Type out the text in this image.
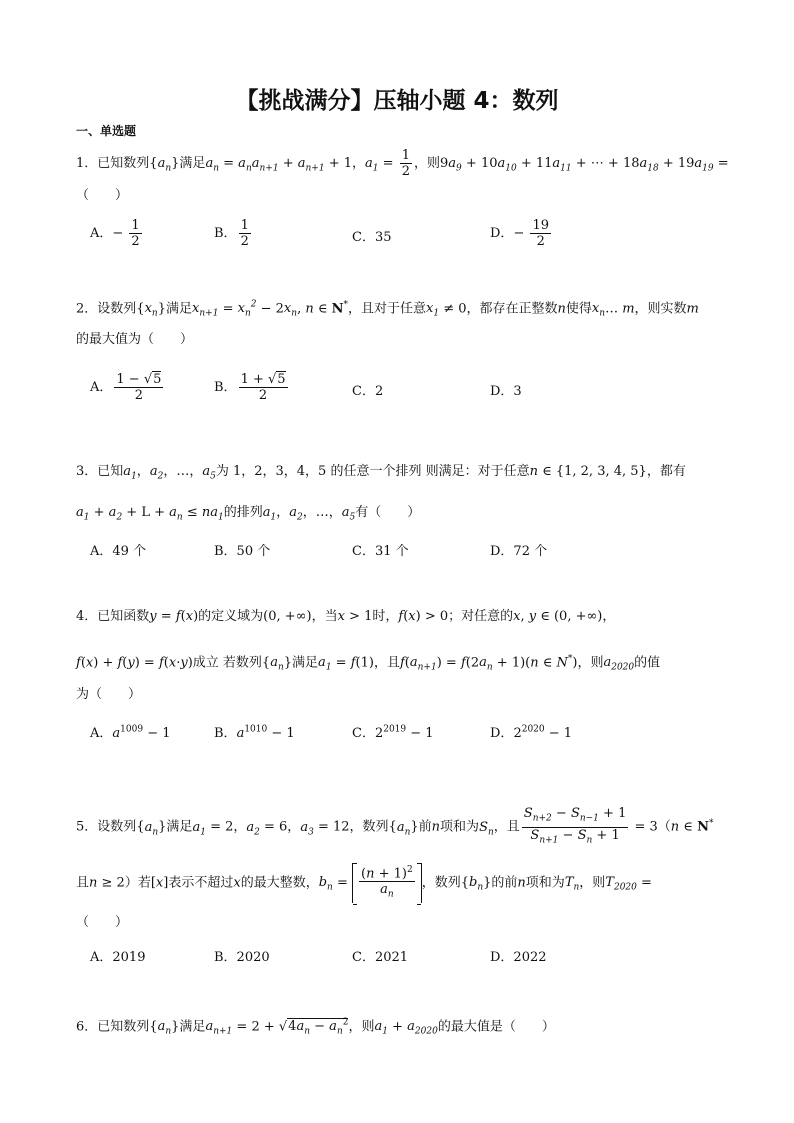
【挑战满分】压轴小题 4：数列
一、单选题
1．已知数列$\{a_n\}$满足$a_n = a_na_{n+1} + a_{n+1} + 1$，$a_1 = \frac{1}{2}$ ，则$9a_9 + 10a_{10} + 11a_{11}$ + ⋯ + $18a_{18} + 19a_{19}$ =
（　　）
A．− $\frac{1}{2}$	B． $\frac{1}{2}$	C．35	D．− $\frac{19}{2}$
2．设数列$\{x_n\}$满足$x_{n+1} = x_n^2 - 2x_n$, n ∈ N*，且对于任意$x_1 \ne 0$，都存在正整数n使得$x_n\dots$ m，则实数m
的最大值为（　　）
A． $\frac{1 - √5}{2}$	B． $\frac{1 + √5}{2}$	C．2	D．3
3．已知$a_1$，$a_2$，…，$a_5$为 1，2，3，4，5 的任意一个排列 则满足：对于任意n ∈ {1, 2, 3, 4, 5}，都有
$a_1 + a_2 + L + a_n \le na_1$的排列$a_1$，$a_2$，…，$a_5$有（　　）
A．49 个	B．50 个	C．31 个	D．72 个
4．已知函数y = f(x)的定义域为(0, +∞)，当x > 1时，f(x) > 0；对任意的x, y ∈ (0, +∞)，
f(x) + f(y) = f(x·y)成立 若数列$\{a_n\}$满足$a_1 = f(1)$，且$f(a_{n+1}) = f(2a_n + 1)(n$ ∈ N*)，则$a_{2020}$的值
为（　　）
A．$a^{1009} - 1$	B．$a^{1010} - 1$	C．$2^{2019} - 1$	D．$2^{2020} - 1$
5．设数列$\{a_n\}$满足$a_1 = 2$，$a_2 = 6$，$a_3 = 12$，数列$\{a_n\}$前n项和为$S_n$，且 $\frac{S_{n+2} - S_{n-1} + 1}{S_{n+1} - S_n + 1} = 3(n$ ∈ N*
且n ≥ 2）若[x]表示不超过x的最大整数，$b_n = \frac{(n + 1)^2}{a_n}$ ，数列$\{b_n\}$的前n项和为$T_n$，则$T_{2020}$ =
（　　）
A．2019	B．2020	C．2021	D．2022
6．已知数列$\{a_n\}$满足$a_{n+1} = 2 + √4a_n - a_n^2$，则$a_1 + a_{2020}$的最大值是（　　）
